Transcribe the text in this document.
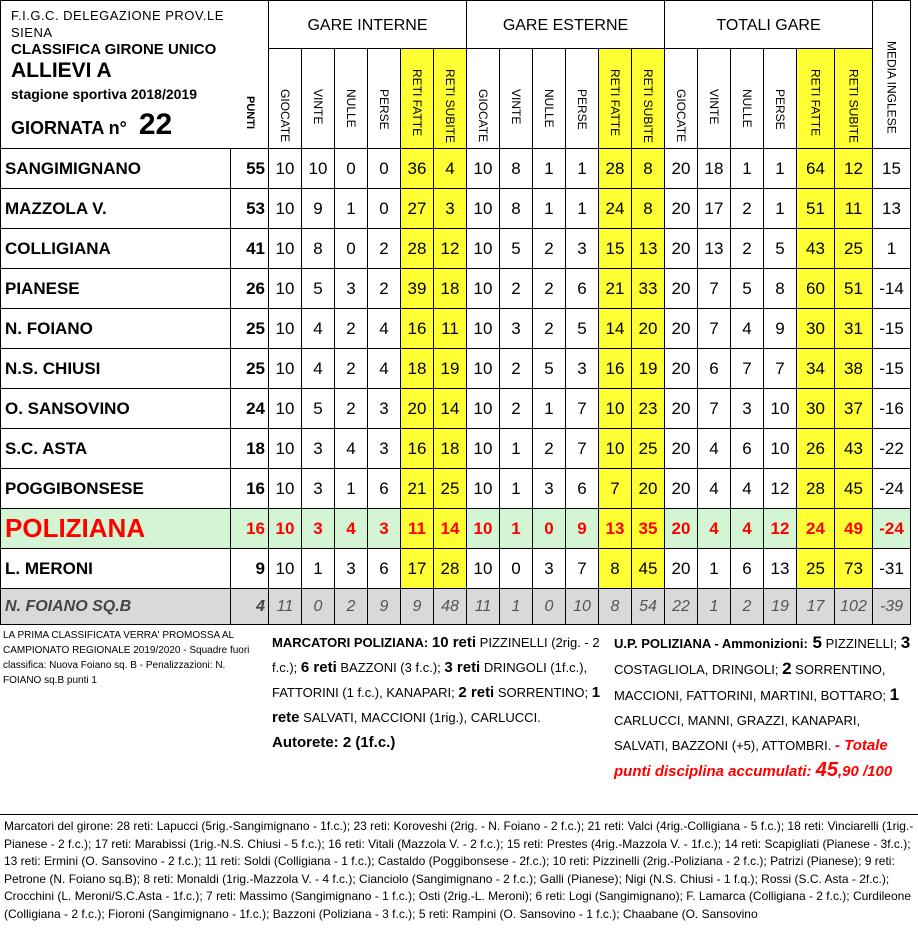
F.I.G.C. DELEGAZIONE PROV.LE SIENA
CLASSIFICA GIRONE UNICO
ALLIEVI A
stagione sportiva 2018/2019
GIORNATA n° 22	PUNTI	GARE INTERNE						GARE ESTERNE						TOTALI GARE						MEDIA INGLESE
		GIOCATE	VINTE	NULLE	PERSE	RETI FATTE	RETI SUBITE	GIOCATE	VINTE	NULLE	PERSE	RETI FATTE	RETI SUBITE	GIOCATE	VINTE	NULLE	PERSE	RETI FATTE	RETI SUBITE	
SANGIMIGNANO	55	10	10	0	0	36	4	10	8	1	1	28	8	20	18	1	1	64	12	15
MAZZOLA V.	53	10	9	1	0	27	3	10	8	1	1	24	8	20	17	2	1	51	11	13
COLLIGIANA	41	10	8	0	2	28	12	10	5	2	3	15	13	20	13	2	5	43	25	1
PIANESE	26	10	5	3	2	39	18	10	2	2	6	21	33	20	7	5	8	60	51	-14
N. FOIANO	25	10	4	2	4	16	11	10	3	2	5	14	20	20	7	4	9	30	31	-15
N.S. CHIUSI	25	10	4	2	4	18	19	10	2	5	3	16	19	20	6	7	7	34	38	-15
O. SANSOVINO	24	10	5	2	3	20	14	10	2	1	7	10	23	20	7	3	10	30	37	-16
S.C. ASTA	18	10	3	4	3	16	18	10	1	2	7	10	25	20	4	6	10	26	43	-22
POGGIBONSESE	16	10	3	1	6	21	25	10	1	3	6	7	20	20	4	4	12	28	45	-24
POLIZIANA	16	10	3	4	3	11	14	10	1	0	9	13	35	20	4	4	12	24	49	-24
L. MERONI	9	10	1	3	6	17	28	10	0	3	7	8	45	20	1	6	13	25	73	-31
N. FOIANO SQ.B	4	11	0	2	9	9	48	11	1	0	10	8	54	22	1	2	19	17	102	-39
LA PRIMA CLASSIFICATA VERRA' PROMOSSA AL CAMPIONATO REGIONALE 2019/2020 - Squadre fuori classifica: Nuova Foiano sq. B - Penalizzazioni: N. FOIANO sq.B punti 1
MARCATORI POLIZIANA: 10 reti PIZZINELLI (2rig. - 2 f.c.); 6 reti BAZZONI (3 f.c.); 3 reti DRINGOLI (1f.c.), FATTORINI (1 f.c.), KANAPARI; 2 reti SORRENTINO; 1 rete SALVATI, MACCIONI (1rig.), CARLUCCI. Autorete: 2 (1f.c.)
U.P. POLIZIANA - Ammonizioni: 5 PIZZINELLI; 3 COSTAGLIOLA, DRINGOLI; 2 SORRENTINO, MACCIONI, FATTORINI, MARTINI, BOTTARO; 1 CARLUCCI, MANNI, GRAZZI, KANAPARI, SALVATI, BAZZONI (+5), ATTOMBRI. - Totale punti disciplina accumulati: 45,90 /100
Marcatori del girone: 28 reti: Lapucci (5rig.-Sangimignano - 1f.c.); 23 reti: Koroveshi (2rig. - N. Foiano - 2 f.c.); 21 reti: Valci (4rig.-Colligiana - 5 f.c.); 18 reti: Vinciarelli (1rig.-Pianese - 2 f.c.); 17 reti: Marabissi (1rig.-N.S. Chiusi - 5 f.c.); 16 reti: Vitali (Mazzola V. - 2 f.c.); 15 reti: Prestes (4rig.-Mazzola V. - 1f.c.); 14 reti: Scapigliati (Pianese - 3f.c.); 13 reti: Ermini (O. Sansovino - 2 f.c.); 11 reti: Soldi (Colligiana - 1 f.c.); Castaldo (Poggibonsese - 2f.c.); 10 reti: Pizzinelli (2rig.-Poliziana - 2 f.c.); Patrizi (Pianese); 9 reti: Petrone (N. Foiano sq.B); 8 reti: Monaldi (1rig.-Mazzola V. - 4 f.c.); Cianciolo (Sangimignano - 2 f.c.); Galli (Pianese); Nigi (N.S. Chiusi - 1 f.q.); Rossi (S.C. Asta - 2f.c.); Crocchini (L. Meroni/S.C.Asta - 1f.c.); 7 reti: Massimo (Sangimignano - 1 f.c.); Osti (2rig.-L. Meroni); 6 reti: Logi (Sangimignano); F. Lamarca (Colligiana - 2 f.c.); Curdileone (Colligiana - 2 f.c.); Fioroni (Sangimignano - 1f.c.); Bazzoni (Poliziana - 3 f.c.); 5 reti: Rampini (O. Sansovino - 1 f.c.); Chaabane (O. Sansovino
